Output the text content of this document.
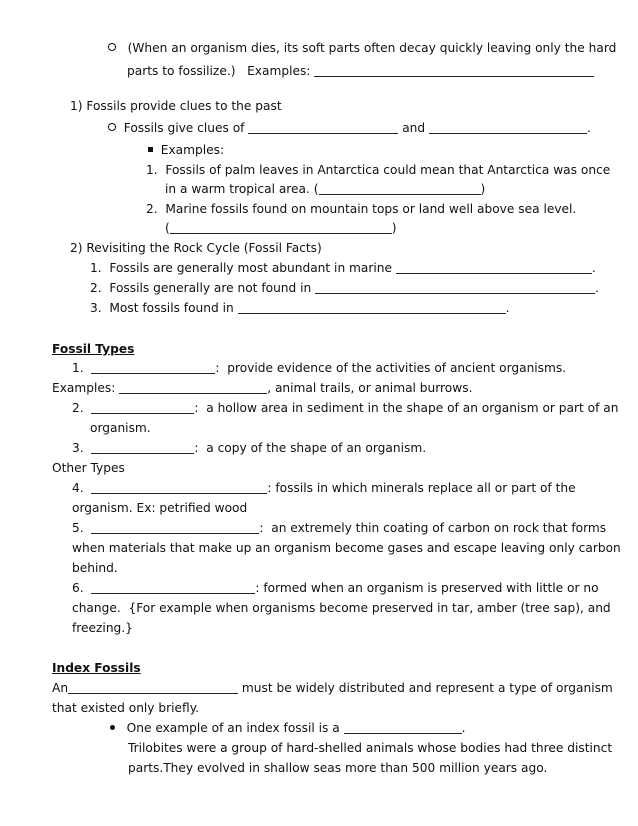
(When an organism dies, its soft parts often decay quickly leaving only the hard
parts to fossilize.)   Examples:
1) Fossils provide clues to the past
Fossils give clues of	and	.
Examples:
1. Fossils of palm leaves in Antarctica could mean that Antarctica was once
in a warm tropical area. (	)
2. Marine fossils found on mountain tops or land well above sea level.
(	)
2) Revisiting the Rock Cycle (Fossil Facts)
1. Fossils are generally most abundant in marine	.
2. Fossils generally are not found in	.
3. Most fossils found in	.
Fossil Types
1.	:  provide evidence of the activities of ancient organisms.
Examples:	, animal trails, or animal burrows.
2.	:  a hollow area in sediment in the shape of an organism or part of an
organism.
3.	:  a copy of the shape of an organism.
Other Types
4.	: fossils in which minerals replace all or part of the
organism. Ex: petrified wood
5.	:  an extremely thin coating of carbon on rock that forms
when materials that make up an organism become gases and escape leaving only carbon
behind.
6.	: formed when an organism is preserved with little or no
change.  {For example when organisms become preserved in tar, amber (tree sap), and
freezing.}
Index Fossils
An	must be widely distributed and represent a type of organism
that existed only briefly.
One example of an index fossil is a	.
Trilobites were a group of hard-shelled animals whose bodies had three distinct
parts.They evolved in shallow seas more than 500 million years ago.
